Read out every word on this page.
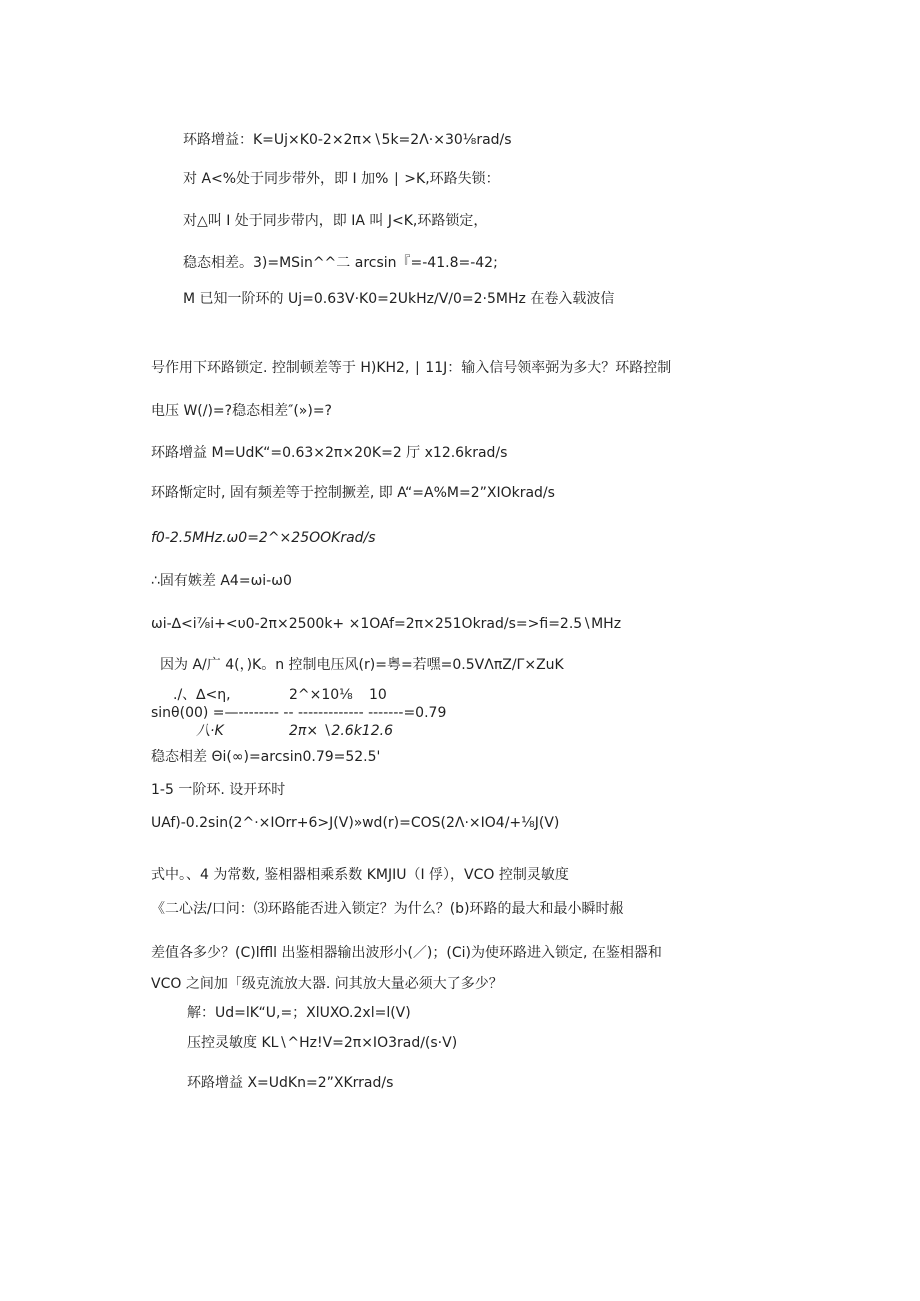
环路增益：K=Uj×K0-2×2π×∖5k=2Λ·×30⅛rad/s
对 A<%处于同步带外，即 I 加% ∣ >K,环路失锁：
对△叫 I 处于同步带内，即 IA 叫 J<K,环路锁定，
稳态相差。3)=MSin^^二 arcsin『=-41.8=-42;
M 已知一阶环的 Uj=0.63V·K0=2UkHz∕V∕0=2·5MHz 在卷入载波信
号作用下环路锁定. 控制顿差等于 H)KH2, ∣ 11J：输入信号领率弼为多大？环路控制
电压 W(/)=?稳态相差″(»)=?
环路增益 M=UdK“=0.63×2π×20K=2 厅 x12.6krad/s
环路惭定时, 固有频差等于控制撅差, 即 A“=A%M=2”XIOkrad/s
f0-2.5MHz.ω0=2^×25OOKrad/s
∴固有嫉差 A4=ωi-ω0
ωi-∆<i⅞i+<υ0-2π×2500k+ ×1OAf=2π×251Okrad/s=>fi=2.5∖MHz
因为 A/广 4(，)K。n 控制电压风(r)=粤=若嘿=0.5VΛπZ/Γ×ZuK
./、∆<η,	2^×10⅛ 10
sinθ(00) =—-------- -- ------------- -------=0.79
八·K	2π× ∖2.6k12.6
稳态相差 Θi(∞)=arcsin0.79=52.5'
1-5 一阶环. 设开环时
UAf)-0.2sin(2^·×IOrr+6>J(V)»wd(r)=COS(2Λ·×IO4/+⅛J(V)
式中。、4 为常数, 鉴相器相乘系数 KMJIU（I 俘），VCO 控制灵敏度
《二心法/口问：⑶环路能否进入锁定？为什么？(b)环路的最大和最小瞬时赧
差值各多少？(C)lffll 出鉴相器输出波形小(／)；(Ci)为使环路进入锁定, 在鉴相器和
VCO 之间加「级克流放大器. 问其放大量必须大了多少？
解：Ud=lK“U,=；XlUXO.2xl=l(V)
压控灵敏度 KL∖^Hz!V=2π×IO3rad∕(s·V)
环路增益 X=UdKn=2”XKrrad/s
